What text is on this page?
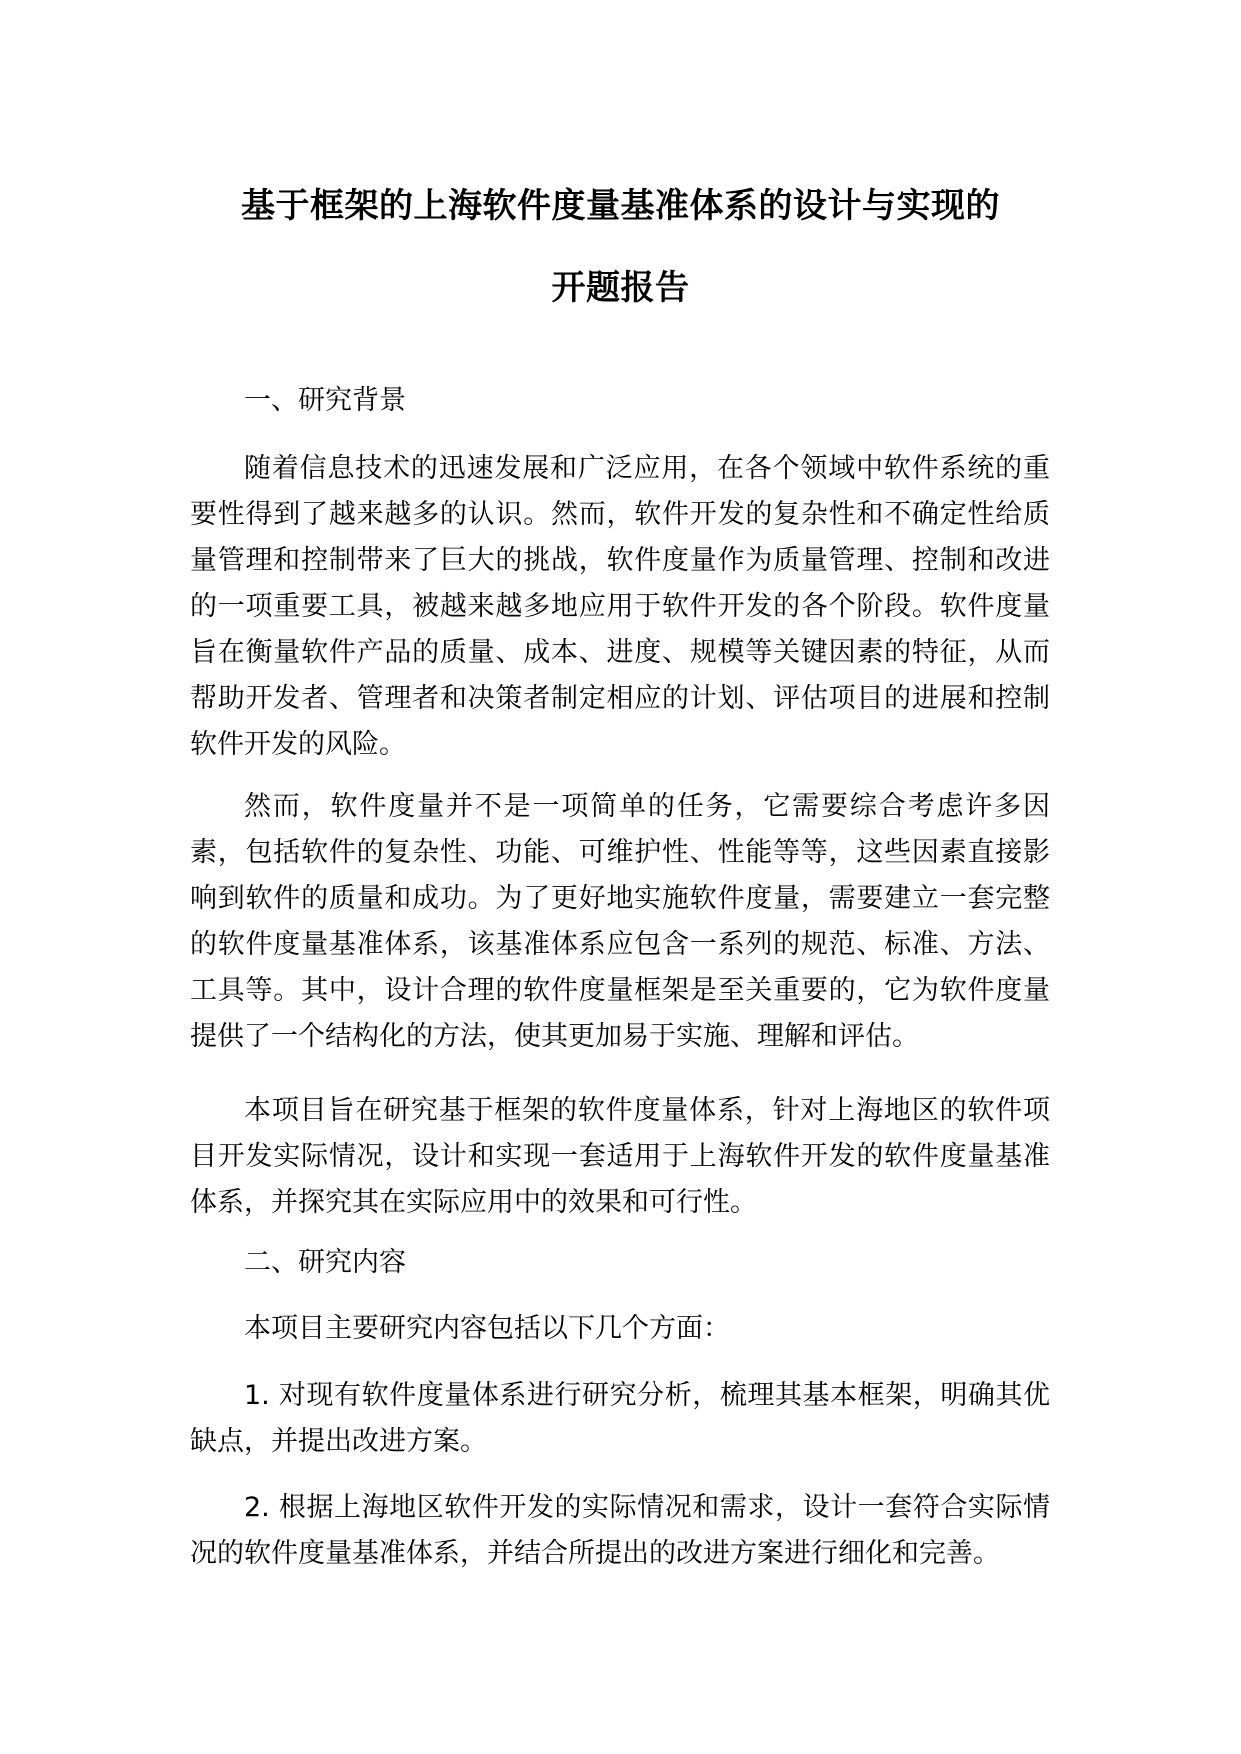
基于框架的上海软件度量基准体系的设计与实现的
开题报告

一、研究背景

随着信息技术的迅速发展和广泛应用，在各个领域中软件系统的重要性得到了越来越多的认识。然而，软件开发的复杂性和不确定性给质量管理和控制带来了巨大的挑战，软件度量作为质量管理、控制和改进的一项重要工具，被越来越多地应用于软件开发的各个阶段。软件度量旨在衡量软件产品的质量、成本、进度、规模等关键因素的特征，从而帮助开发者、管理者和决策者制定相应的计划、评估项目的进展和控制软件开发的风险。

然而，软件度量并不是一项简单的任务，它需要综合考虑许多因素，包括软件的复杂性、功能、可维护性、性能等等，这些因素直接影响到软件的质量和成功。为了更好地实施软件度量，需要建立一套完整的软件度量基准体系，该基准体系应包含一系列的规范、标准、方法、工具等。其中，设计合理的软件度量框架是至关重要的，它为软件度量提供了一个结构化的方法，使其更加易于实施、理解和评估。

本项目旨在研究基于框架的软件度量体系，针对上海地区的软件项目开发实际情况，设计和实现一套适用于上海软件开发的软件度量基准体系，并探究其在实际应用中的效果和可行性。

二、研究内容

本项目主要研究内容包括以下几个方面：

1. 对现有软件度量体系进行研究分析，梳理其基本框架，明确其优缺点，并提出改进方案。

2. 根据上海地区软件开发的实际情况和需求，设计一套符合实际情况的软件度量基准体系，并结合所提出的改进方案进行细化和完善。
